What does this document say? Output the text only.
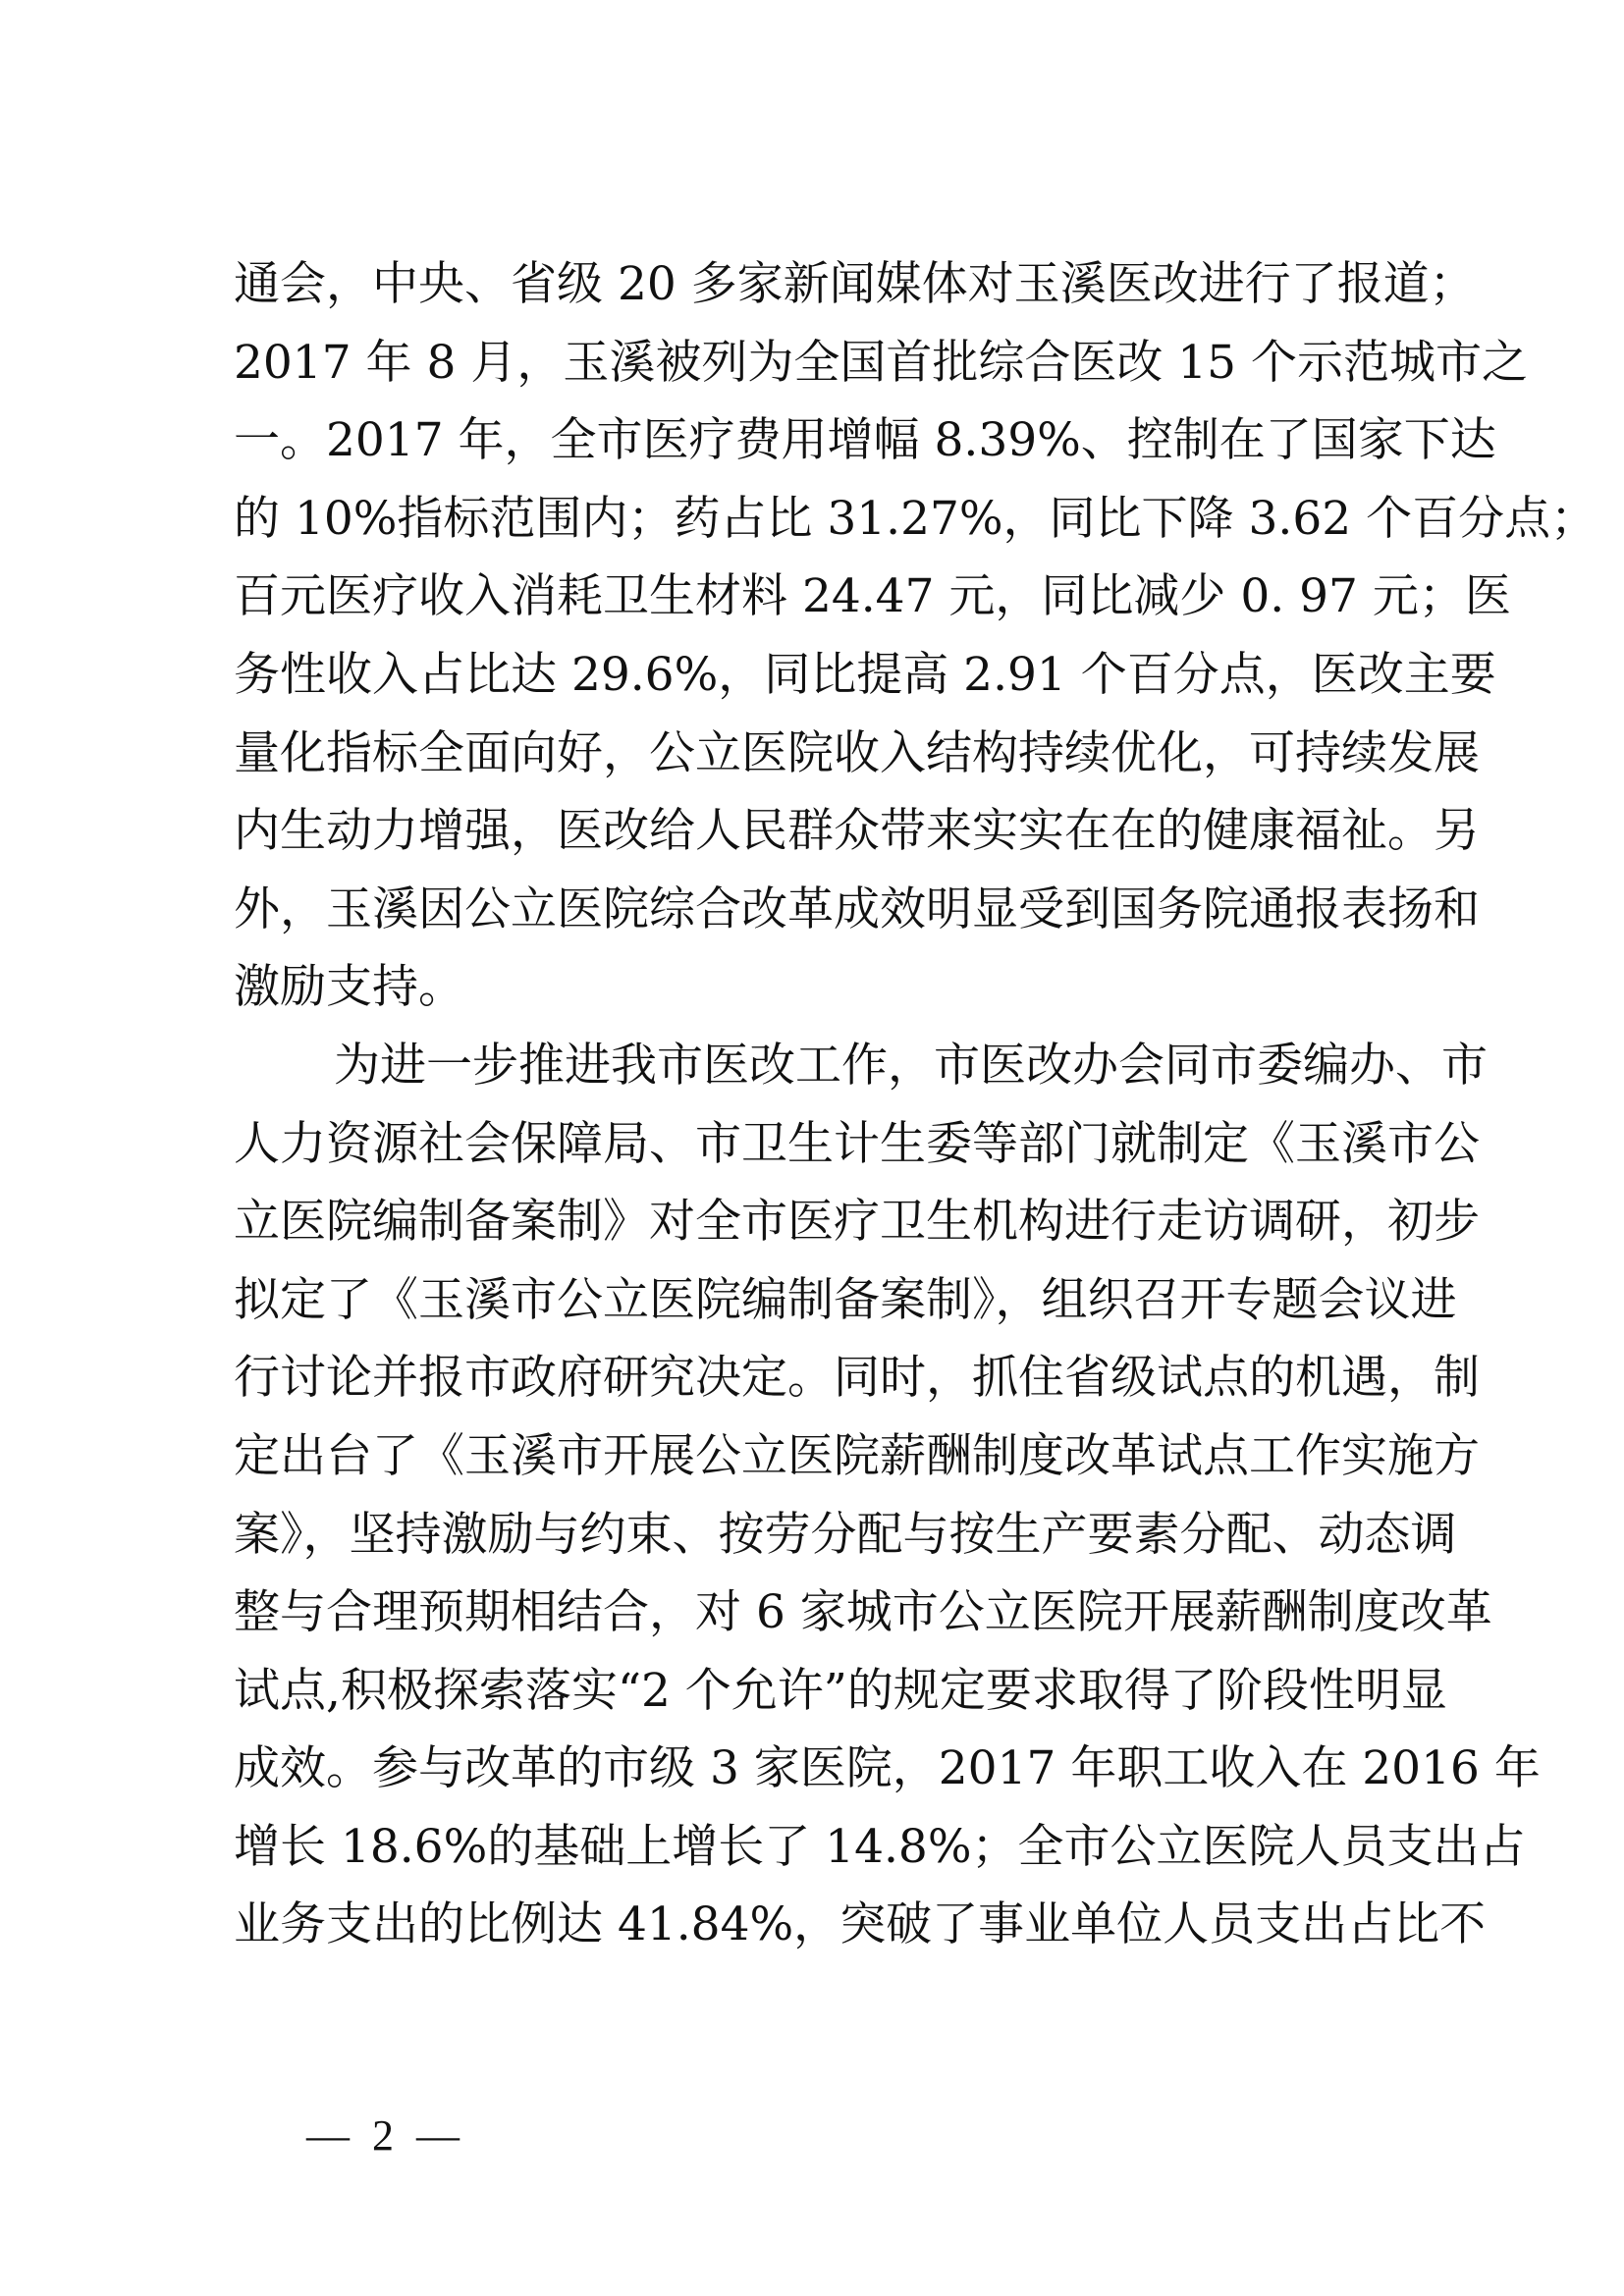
通会，中央、省级 20 多家新闻媒体对玉溪医改进行了报道；
2017 年 8 月，玉溪被列为全国首批综合医改 15 个示范城市之
一。2017 年，全市医疗费用增幅 8.39%、控制在了国家下达
的 10%指标范围内；药占比 31.27%，同比下降 3.62 个百分点；
百元医疗收入消耗卫生材料 24.47 元，同比减少 0. 97 元；医
务性收入占比达 29.6%，同比提高 2.91 个百分点，医改主要
量化指标全面向好，公立医院收入结构持续优化，可持续发展
内生动力增强，医改给人民群众带来实实在在的健康福祉。另
外，玉溪因公立医院综合改革成效明显受到国务院通报表扬和
激励支持。
为进一步推进我市医改工作，市医改办会同市委编办、市
人力资源社会保障局、市卫生计生委等部门就制定《玉溪市公
立医院编制备案制》对全市医疗卫生机构进行走访调研，初步
拟定了《玉溪市公立医院编制备案制》，组织召开专题会议进
行讨论并报市政府研究决定。同时，抓住省级试点的机遇，制
定出台了《玉溪市开展公立医院薪酬制度改革试点工作实施方
案》，坚持激励与约束、按劳分配与按生产要素分配、动态调
整与合理预期相结合，对 6 家城市公立医院开展薪酬制度改革
试点,积极探索落实“2 个允许”的规定要求取得了阶段性明显
成效。参与改革的市级 3 家医院，2017 年职工收入在 2016 年
增长 18.6%的基础上增长了 14.8%；全市公立医院人员支出占
业务支出的比例达 41.84%，突破了事业单位人员支出占比不
— 2 —
